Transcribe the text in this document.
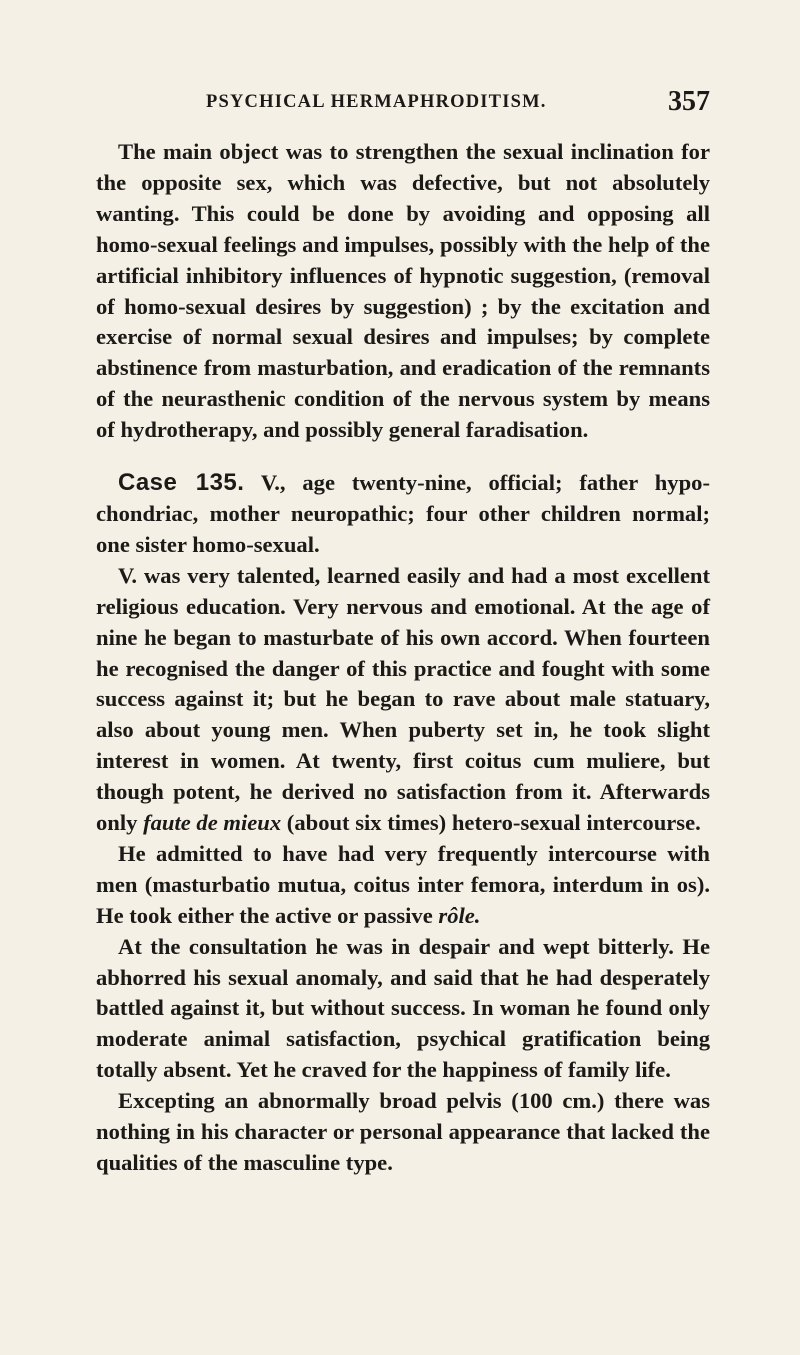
PSYCHICAL HERMAPHRODITISM.	357

The main object was to strengthen the sexual inclination for the opposite sex, which was defective, but not absolutely wanting. This could be done by avoiding and opposing all homo-sexual feelings and impulses, possibly with the help of the artificial inhibitory influences of hypnotic suggestion, (removal of homo-sexual desires by suggestion) ; by the excitation and exercise of normal sexual desires and impulses; by complete abstinence from masturbation, and eradication of the remnants of the neurasthenic condition of the nervous system by means of hydrotherapy, and possibly general faradisation.

Case 135. V., age twenty-nine, official; father hypochondriac, mother neuropathic; four other children normal; one sister homo-sexual.

V. was very talented, learned easily and had a most excellent religious education. Very nervous and emotional. At the age of nine he began to masturbate of his own accord. When fourteen he recognised the danger of this practice and fought with some success against it; but he began to rave about male statuary, also about young men. When puberty set in, he took slight interest in women. At twenty, first coitus cum muliere, but though potent, he derived no satisfaction from it. Afterwards only faute de mieux (about six times) hetero-sexual intercourse.

He admitted to have had very frequently intercourse with men (masturbatio mutua, coitus inter femora, interdum in os). He took either the active or passive rôle.

At the consultation he was in despair and wept bitterly. He abhorred his sexual anomaly, and said that he had desperately battled against it, but without success. In woman he found only moderate animal satisfaction, psychical gratification being totally absent. Yet he craved for the happiness of family life.

Excepting an abnormally broad pelvis (100 cm.) there was nothing in his character or personal appearance that lacked the qualities of the masculine type.
